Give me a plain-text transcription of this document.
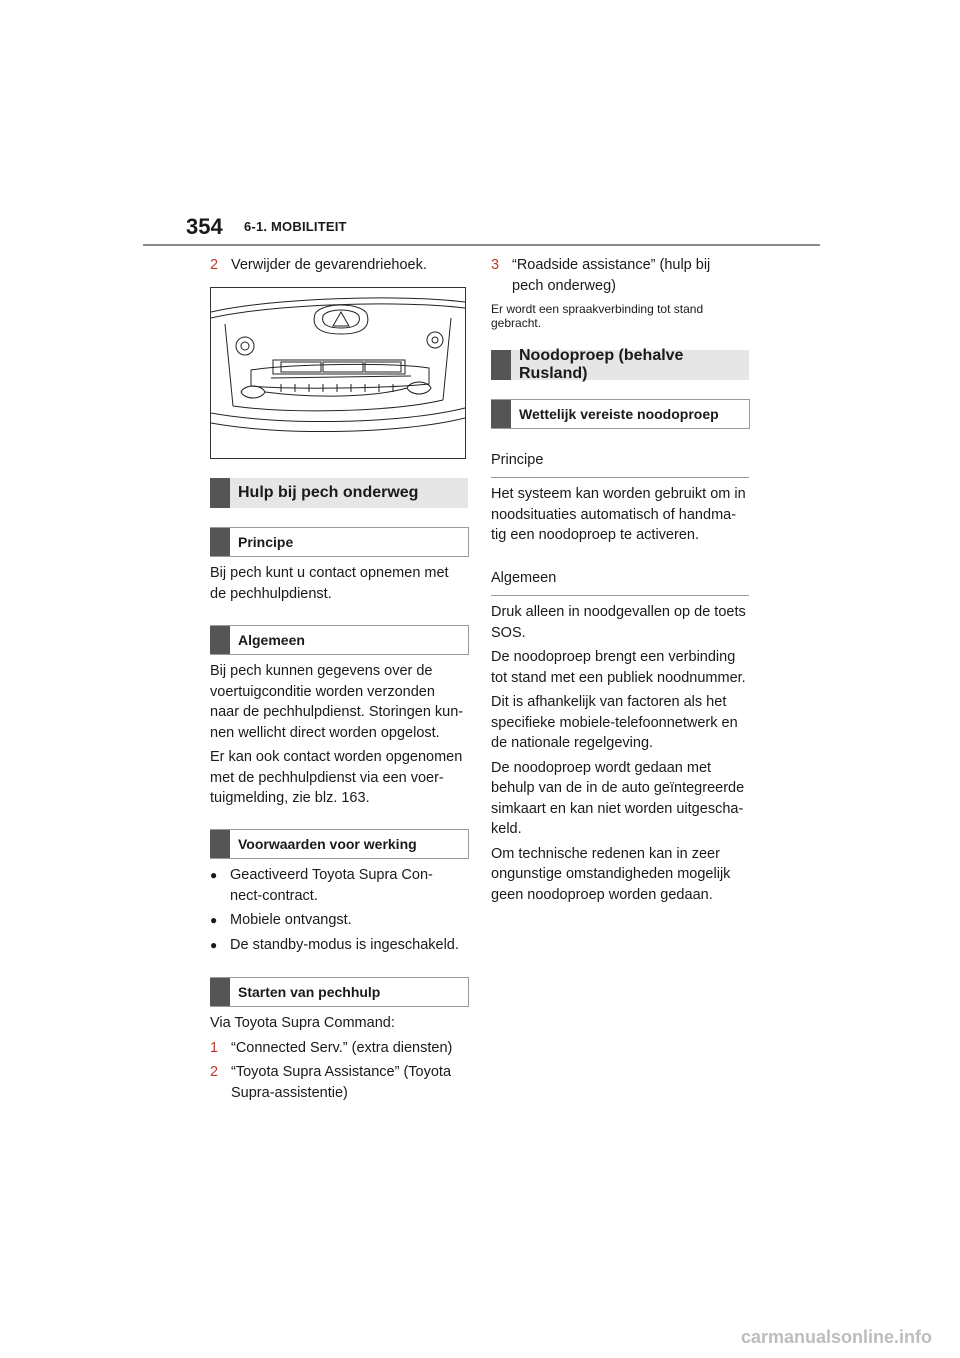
354 6-1. MOBILITEIT
2 Verwijder de gevarendriehoek.
Hulp bij pech onderweg
Principe
Bij pech kunt u contact opnemen met
de pechhulpdienst.
Algemeen
Bij pech kunnen gegevens over de
voertuigconditie worden verzonden
naar de pechhulpdienst. Storingen kun-
nen wellicht direct worden opgelost.
Er kan ook contact worden opgenomen
met de pechhulpdienst via een voer-
tuigmelding, zie blz. 163.
Voorwaarden voor werking
● Geactiveerd Toyota Supra Con-
nect-contract.
● Mobiele ontvangst.
● De standby-modus is ingeschakeld.
Starten van pechhulp
Via Toyota Supra Command:
1 “Connected Serv.” (extra diensten)
2 “Toyota Supra Assistance” (Toyota
Supra-assistentie)
3 “Roadside assistance” (hulp bij
pech onderweg)
Er wordt een spraakverbinding tot stand
gebracht.
Noodoproep (behalve Rusland)
Wettelijk vereiste noodoproep
Principe
Het systeem kan worden gebruikt om in
noodsituaties automatisch of handma-
tig een noodoproep te activeren.
Algemeen
Druk alleen in noodgevallen op de toets
SOS.
De noodoproep brengt een verbinding
tot stand met een publiek noodnummer.
Dit is afhankelijk van factoren als het
specifieke mobiele-telefoonnetwerk en
de nationale regelgeving.
De noodoproep wordt gedaan met
behulp van de in de auto geïntegreerde
simkaart en kan niet worden uitgescha-
keld.
Om technische redenen kan in zeer
ongunstige omstandigheden mogelijk
geen noodoproep worden gedaan.
carmanualsonline.info
